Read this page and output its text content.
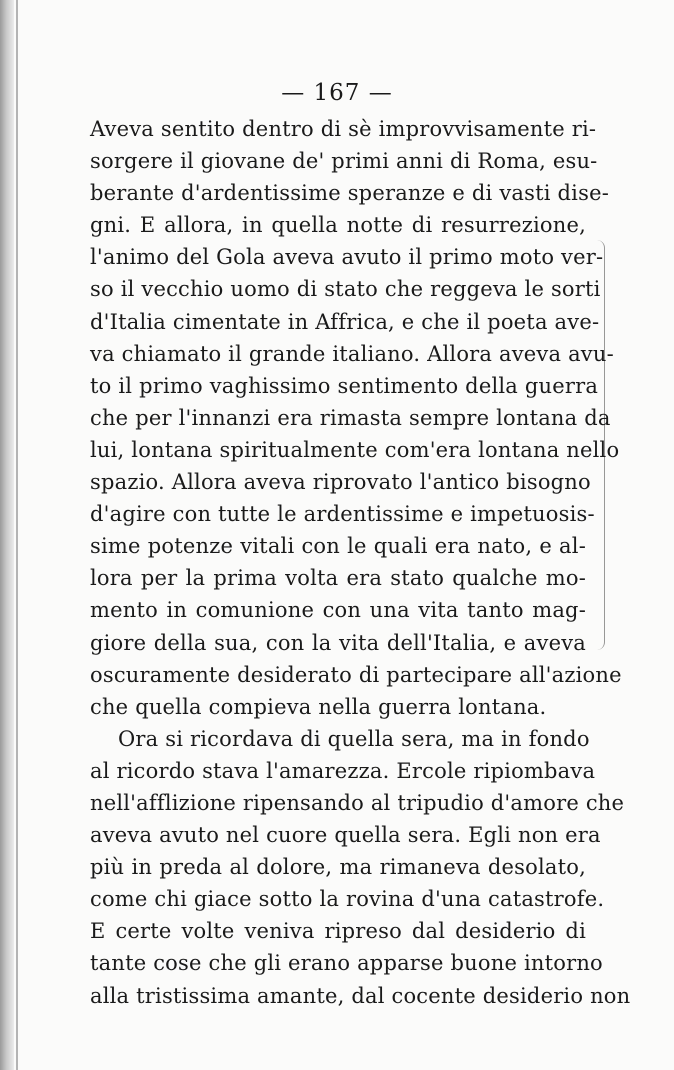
— 167 —
Aveva sentito dentro di sè improvvisamente ri-
sorgere il giovane de' primi anni di Roma, esu-
berante d'ardentissime speranze e di vasti dise-
gni. E allora, in quella notte di resurrezione,
l'animo del Gola aveva avuto il primo moto ver-
so il vecchio uomo di stato che reggeva le sorti
d'Italia cimentate in Affrica, e che il poeta ave-
va chiamato il grande italiano. Allora aveva avu-
to il primo vaghissimo sentimento della guerra
che per l'innanzi era rimasta sempre lontana da
lui, lontana spiritualmente com'era lontana nello
spazio. Allora aveva riprovato l'antico bisogno
d'agire con tutte le ardentissime e impetuosis-
sime potenze vitali con le quali era nato, e al-
lora per la prima volta era stato qualche mo-
mento in comunione con una vita tanto mag-
giore della sua, con la vita dell'Italia, e aveva
oscuramente desiderato di partecipare all'azione
che quella compieva nella guerra lontana.
Ora si ricordava di quella sera, ma in fondo
al ricordo stava l'amarezza. Ercole ripiombava
nell'afflizione ripensando al tripudio d'amore che
aveva avuto nel cuore quella sera. Egli non era
più in preda al dolore, ma rimaneva desolato,
come chi giace sotto la rovina d'una catastrofe.
E certe volte veniva ripreso dal desiderio di
tante cose che gli erano apparse buone intorno
alla tristissima amante, dal cocente desiderio non
